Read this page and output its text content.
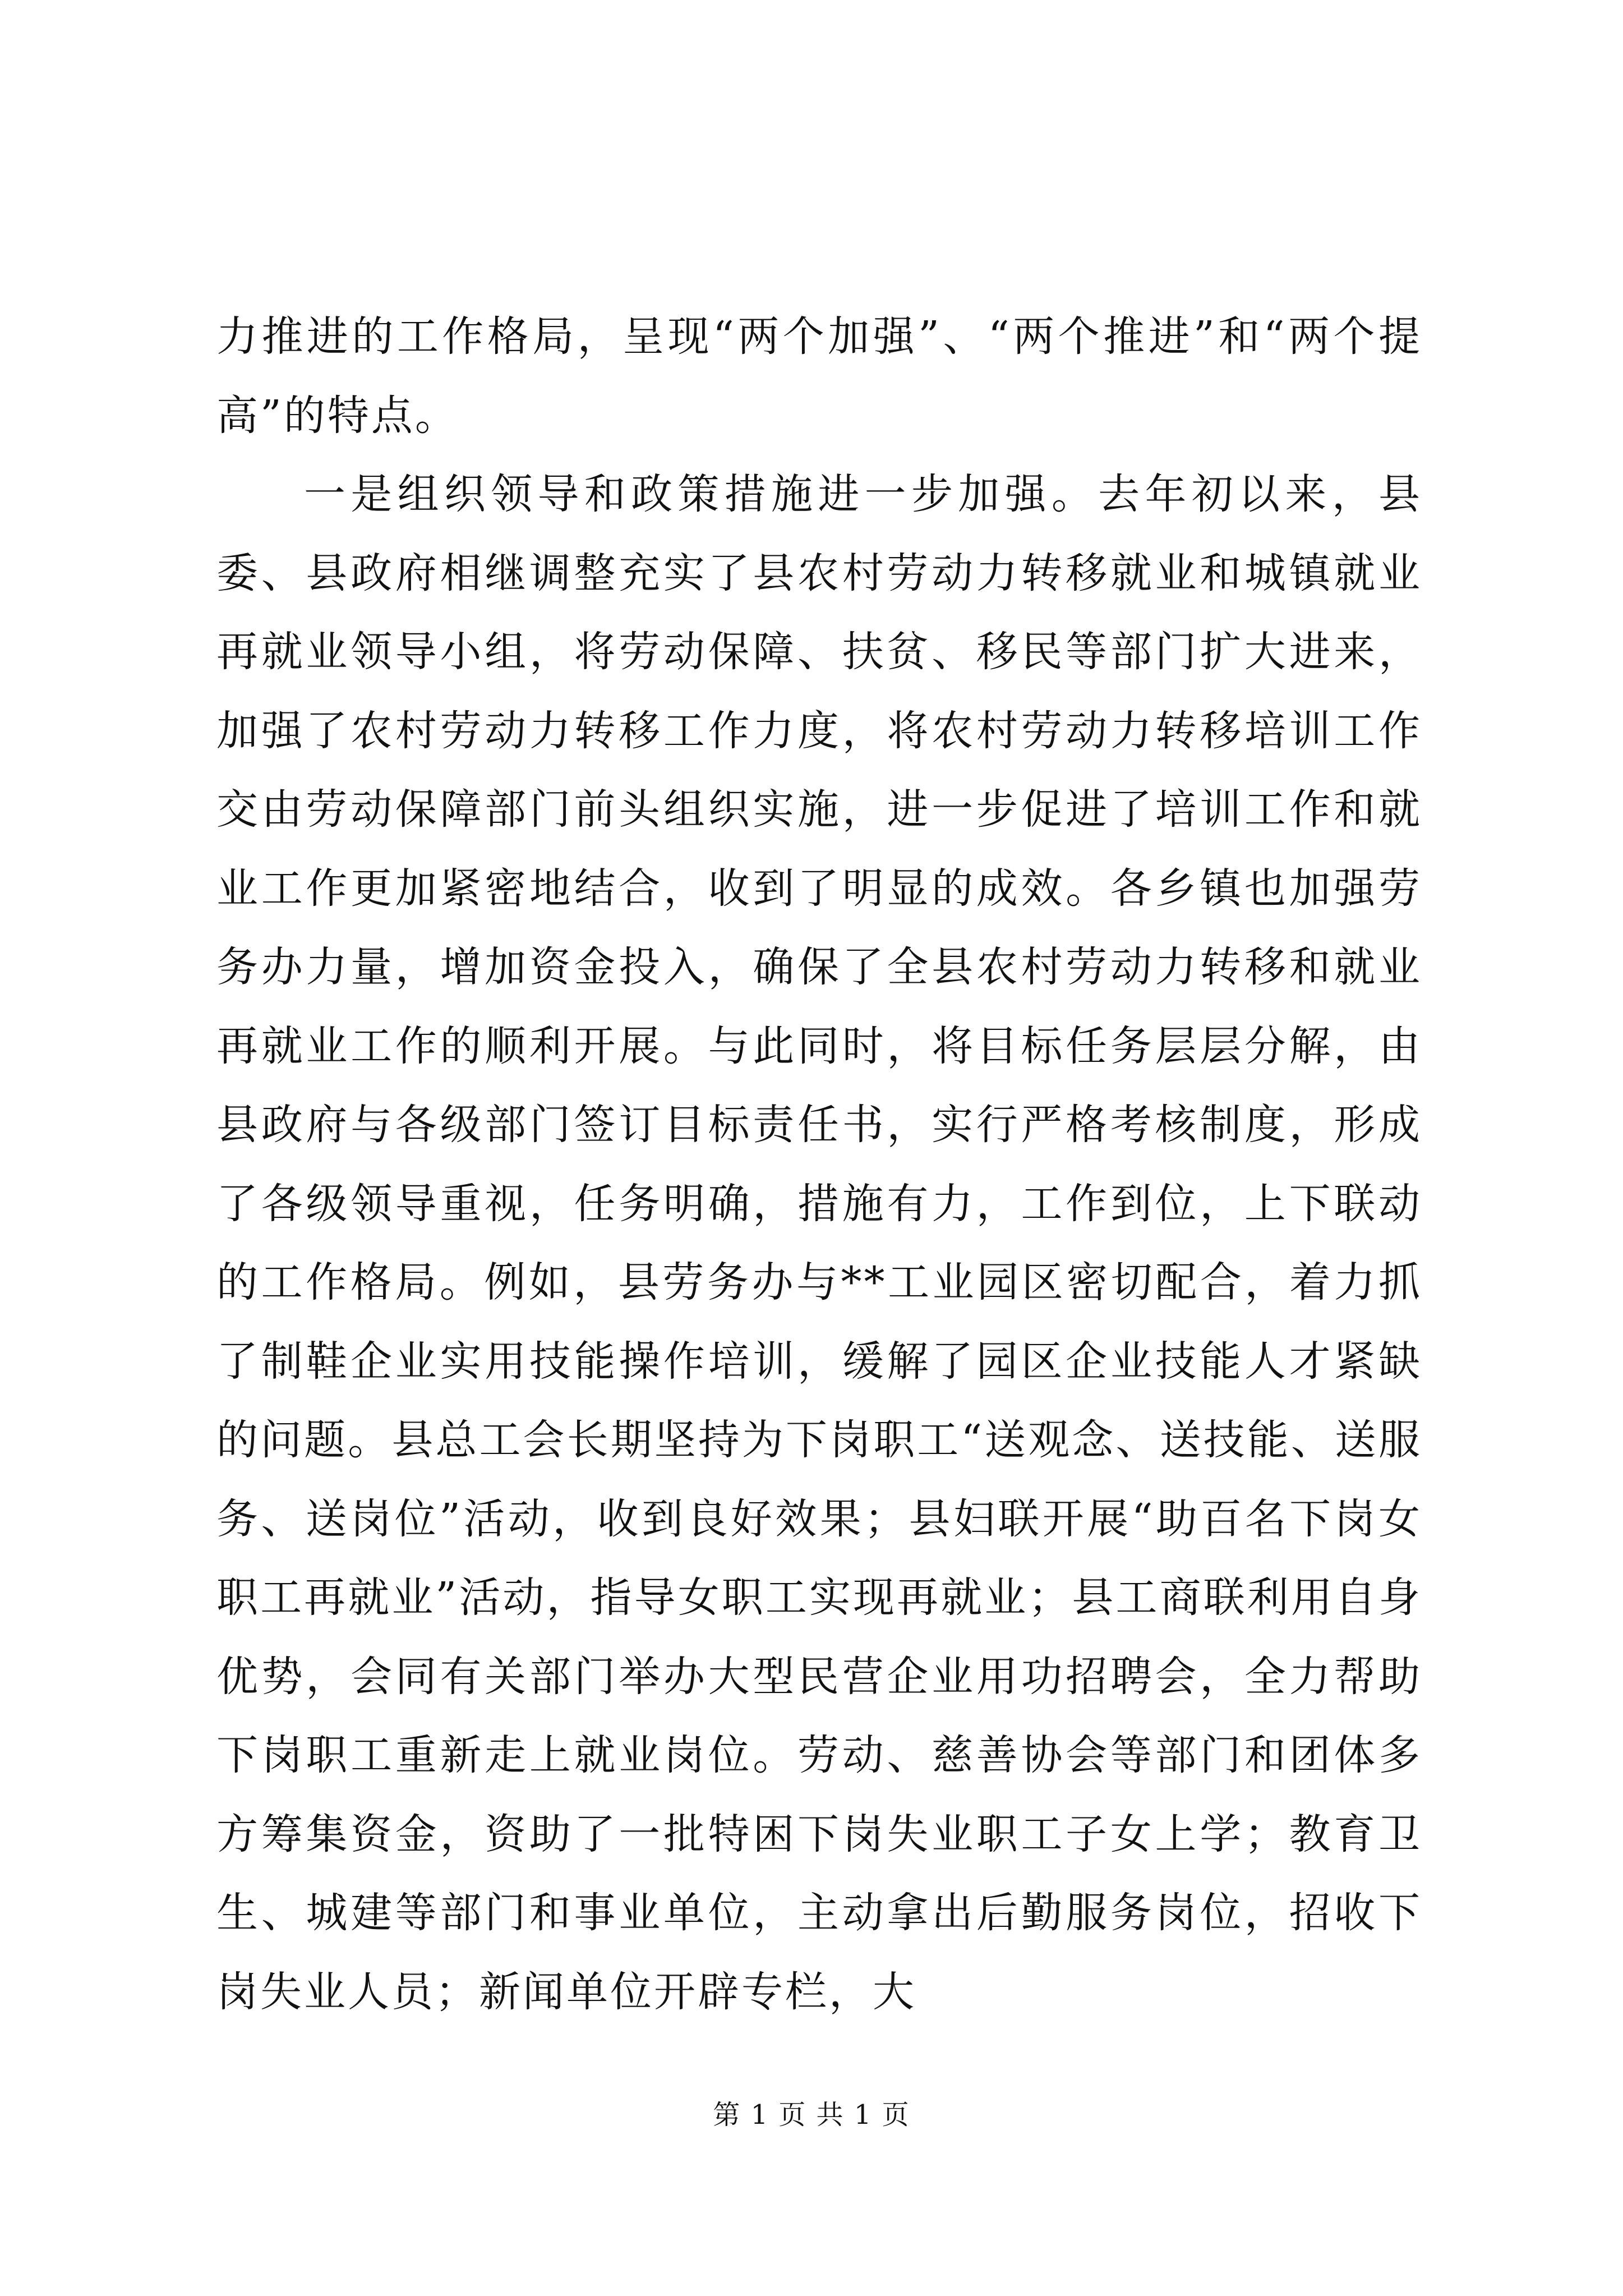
力推进的工作格局，呈现“两个加强”、“两个推进”和“两个提高”的特点。

一是组织领导和政策措施进一步加强。去年初以来，县委、县政府相继调整充实了县农村劳动力转移就业和城镇就业再就业领导小组，将劳动保障、扶贫、移民等部门扩大进来，加强了农村劳动力转移工作力度，将农村劳动力转移培训工作交由劳动保障部门前头组织实施，进一步促进了培训工作和就业工作更加紧密地结合，收到了明显的成效。各乡镇也加强劳务办力量，增加资金投入，确保了全县农村劳动力转移和就业再就业工作的顺利开展。与此同时，将目标任务层层分解，由县政府与各级部门签订目标责任书，实行严格考核制度，形成了各级领导重视，任务明确，措施有力，工作到位，上下联动的工作格局。例如，县劳务办与**工业园区密切配合，着力抓了制鞋企业实用技能操作培训，缓解了园区企业技能人才紧缺的问题。县总工会长期坚持为下岗职工“送观念、送技能、送服务、送岗位”活动，收到良好效果；县妇联开展“助百名下岗女职工再就业”活动，指导女职工实现再就业；县工商联利用自身优势，会同有关部门举办大型民营企业用功招聘会，全力帮助下岗职工重新走上就业岗位。劳动、慈善协会等部门和团体多方筹集资金，资助了一批特困下岗失业职工子女上学；教育卫生、城建等部门和事业单位，主动拿出后勤服务岗位，招收下岗失业人员；新闻单位开辟专栏，大

第 1 页 共 1 页
